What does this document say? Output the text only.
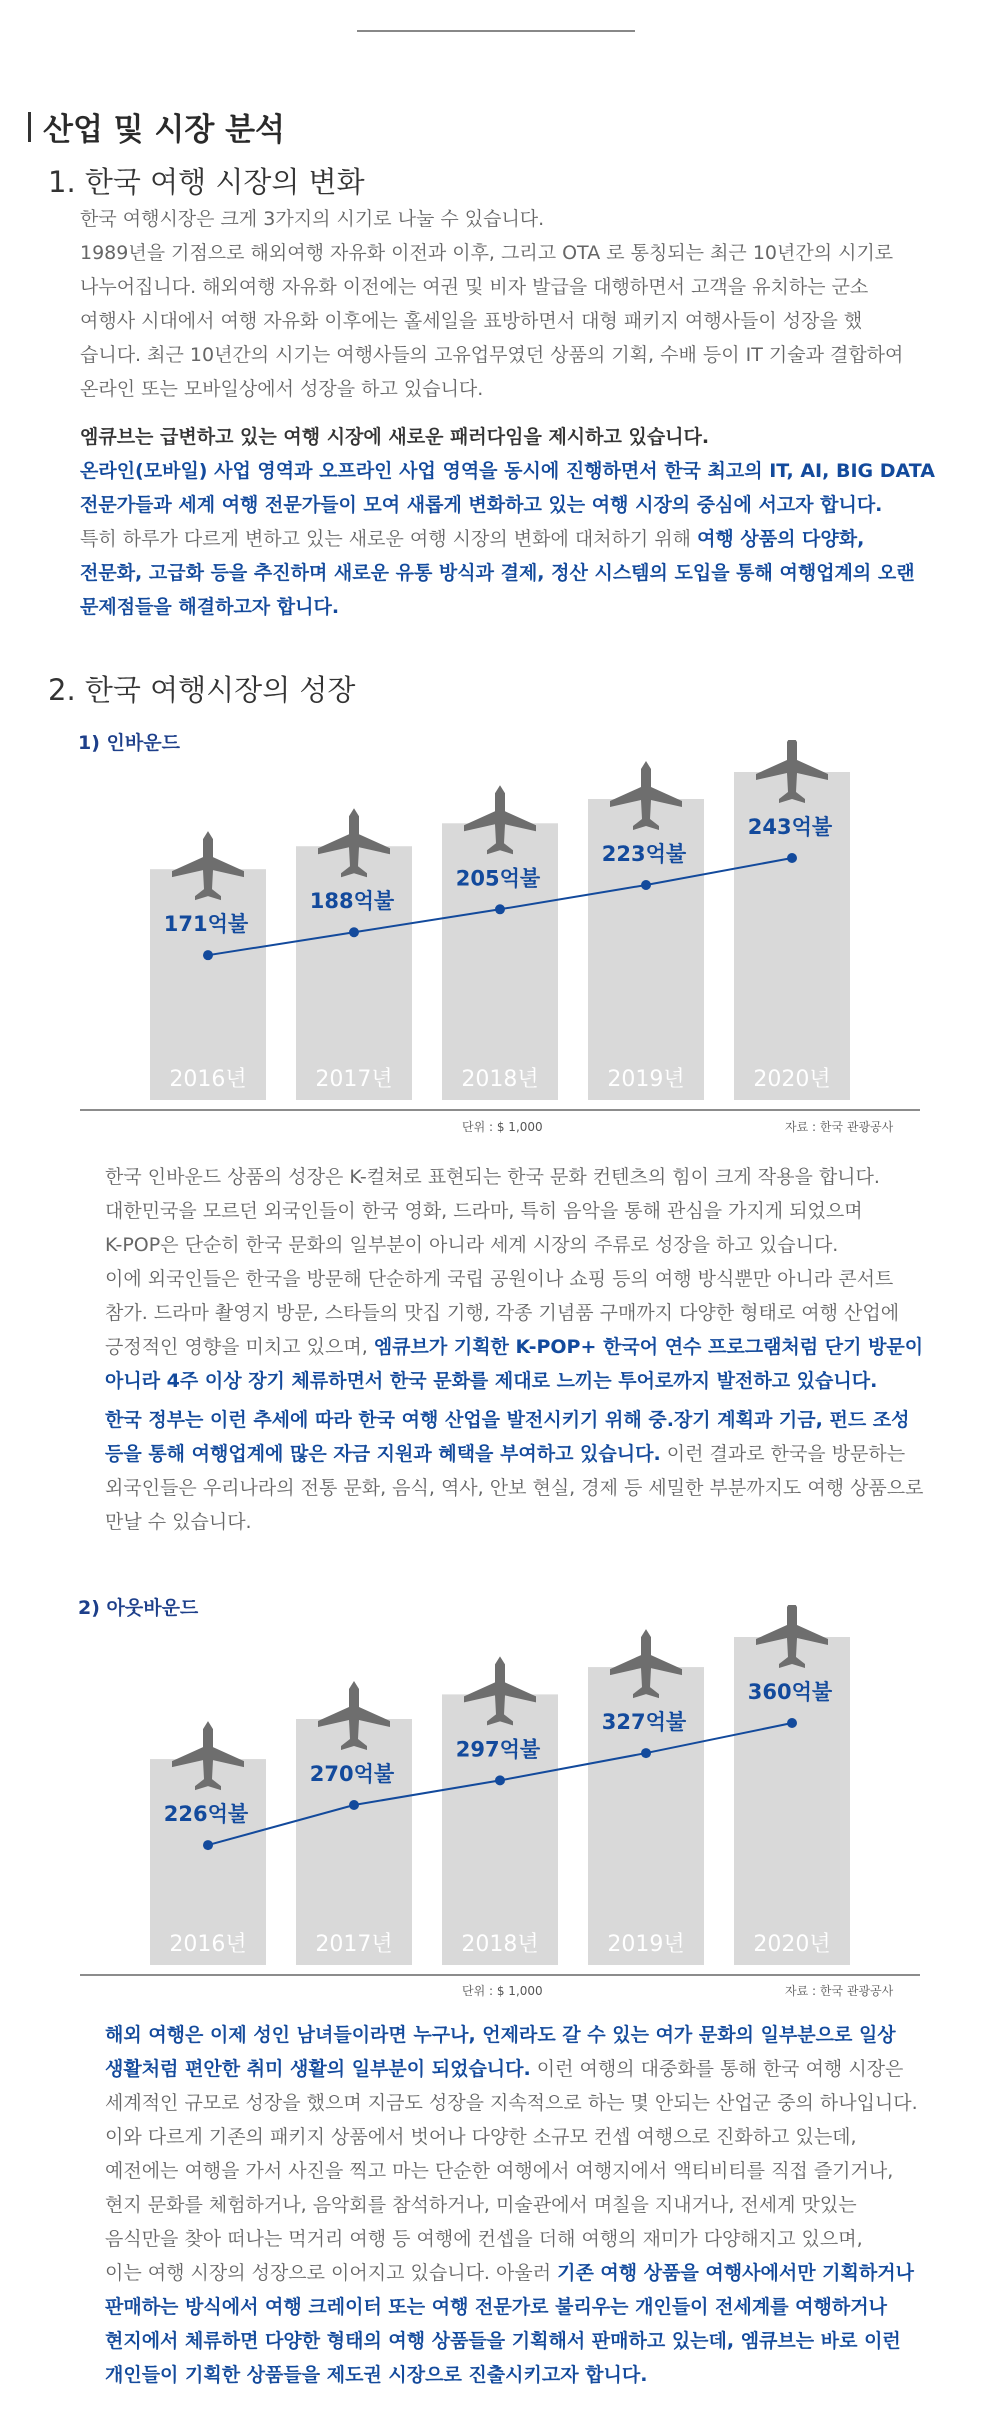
산업 및 시장 분석
1. 한국 여행 시장의 변화
한국 여행시장은 크게 3가지의 시기로 나눌 수 있습니다.
1989년을 기점으로 해외여행 자유화 이전과 이후, 그리고 OTA 로 통칭되는 최근 10년간의 시기로
나누어집니다. 해외여행 자유화 이전에는 여권 및 비자 발급을 대행하면서 고객을 유치하는 군소
여행사 시대에서 여행 자유화 이후에는 홀세일을 표방하면서 대형 패키지 여행사들이 성장을 했
습니다. 최근 10년간의 시기는 여행사들의 고유업무였던 상품의 기획, 수배 등이 IT 기술과 결합하여
온라인 또는 모바일상에서 성장을 하고 있습니다.
엠큐브는 급변하고 있는 여행 시장에 새로운 패러다임을 제시하고 있습니다.
온라인(모바일) 사업 영역과 오프라인 사업 영역을 동시에 진행하면서 한국 최고의 IT, AI, BIG DATA
전문가들과 세계 여행 전문가들이 모여 새롭게 변화하고 있는 여행 시장의 중심에 서고자 합니다.
특히 하루가 다르게 변하고 있는 새로운 여행 시장의 변화에 대처하기 위해 여행 상품의 다양화,
전문화, 고급화 등을 추진하며 새로운 유통 방식과 결제, 정산 시스템의 도입을 통해 여행업계의 오랜
문제점들을 해결하고자 합니다.
2. 한국 여행시장의 성장
1) 인바운드
2016년
171억불
2017년
188억불
2018년
205억불
2019년
223억불
2020년
243억불
단위 : $ 1,000	자료 : 한국 관광공사
한국 인바운드 상품의 성장은 K-컬쳐로 표현되는 한국 문화 컨텐츠의 힘이 크게 작용을 합니다.
대한민국을 모르던 외국인들이 한국 영화, 드라마, 특히 음악을 통해 관심을 가지게 되었으며
K-POP은 단순히 한국 문화의 일부분이 아니라 세계 시장의 주류로 성장을 하고 있습니다.
이에 외국인들은 한국을 방문해 단순하게 국립 공원이나 쇼핑 등의 여행 방식뿐만 아니라 콘서트
참가. 드라마 촬영지 방문, 스타들의 맛집 기행, 각종 기념품 구매까지 다양한 형태로 여행 산업에
긍정적인 영향을 미치고 있으며, 엠큐브가 기획한 K-POP+ 한국어 연수 프로그램처럼 단기 방문이
아니라 4주 이상 장기 체류하면서 한국 문화를 제대로 느끼는 투어로까지 발전하고 있습니다.
한국 정부는 이런 추세에 따라 한국 여행 산업을 발전시키기 위해 중.장기 계획과 기금, 펀드 조성
등을 통해 여행업계에 많은 자금 지원과 혜택을 부여하고 있습니다. 이런 결과로 한국을 방문하는
외국인들은 우리나라의 전통 문화, 음식, 역사, 안보 현실, 경제 등 세밀한 부분까지도 여행 상품으로
만날 수 있습니다.
2) 아웃바운드
2016년
226억불
2017년
270억불
2018년
297억불
2019년
327억불
2020년
360억불
단위 : $ 1,000	자료 : 한국 관광공사
해외 여행은 이제 성인 남녀들이라면 누구나, 언제라도 갈 수 있는 여가 문화의 일부분으로 일상
생활처럼 편안한 취미 생활의 일부분이 되었습니다. 이런 여행의 대중화를 통해 한국 여행 시장은
세계적인 규모로 성장을 했으며 지금도 성장을 지속적으로 하는 몇 안되는 산업군 중의 하나입니다.
이와 다르게 기존의 패키지 상품에서 벗어나 다양한 소규모 컨셉 여행으로 진화하고 있는데,
예전에는 여행을 가서 사진을 찍고 마는 단순한 여행에서 여행지에서 액티비티를 직접 즐기거나,
현지 문화를 체험하거나, 음악회를 참석하거나, 미술관에서 며칠을 지내거나, 전세계 맛있는
음식만을 찾아 떠나는 먹거리 여행 등 여행에 컨셉을 더해 여행의 재미가 다양해지고 있으며,
이는 여행 시장의 성장으로 이어지고 있습니다. 아울러 기존 여행 상품을 여행사에서만 기획하거나
판매하는 방식에서 여행 크레이터 또는 여행 전문가로 불리우는 개인들이 전세계를 여행하거나
현지에서 체류하면 다양한 형태의 여행 상품들을 기획해서 판매하고 있는데, 엠큐브는 바로 이런
개인들이 기획한 상품들을 제도권 시장으로 진출시키고자 합니다.
